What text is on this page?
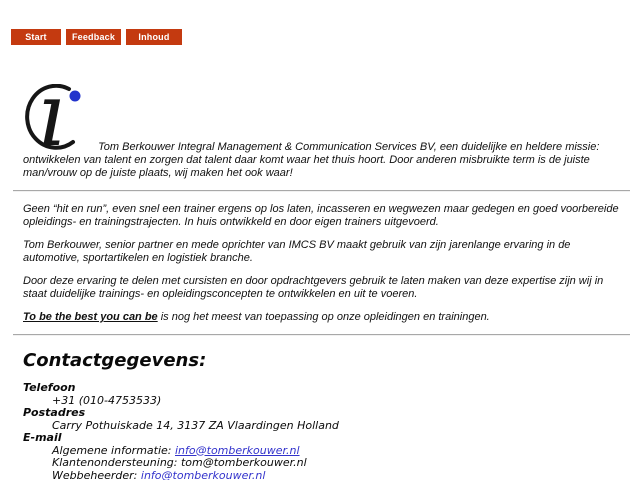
Start	Feedback	Inhoud

ı	Tom Berkouwer Integral Management & Communication Services BV, een duidelijke en heldere missie: ontwikkelen van talent en zorgen dat talent daar komt waar het thuis hoort. Door anderen misbruikte term is de juiste man/vrouw op de juiste plaats, wij maken het ook waar!

Geen “hit en run”, even snel een trainer ergens op los laten, incasseren en wegwezen maar gedegen en goed voorbereide opleidings- en trainingstrajecten. In huis ontwikkeld en door eigen trainers uitgevoerd.

Tom Berkouwer, senior partner en mede oprichter van IMCS BV maakt gebruik van zijn jarenlange ervaring in de automotive, sportartikelen en logistiek branche.

Door deze ervaring te delen met cursisten en door opdrachtgevers gebruik te laten maken van deze expertise zijn wij in staat duidelijke trainings- en opleidingsconcepten te ontwikkelen en uit te voeren.

To be the best you can be is nog het meest van toepassing op onze opleidingen en trainingen.

Contactgegevens:
Telefoon
+31 (010-4753533)
Postadres
Carry Pothuiskade 14, 3137 ZA Vlaardingen Holland
E-mail
Algemene informatie: info@tomberkouwer.nl
Klantenondersteuning: tom@tomberkouwer.nl
Webbeheerder: info@tomberkouwer.nl
